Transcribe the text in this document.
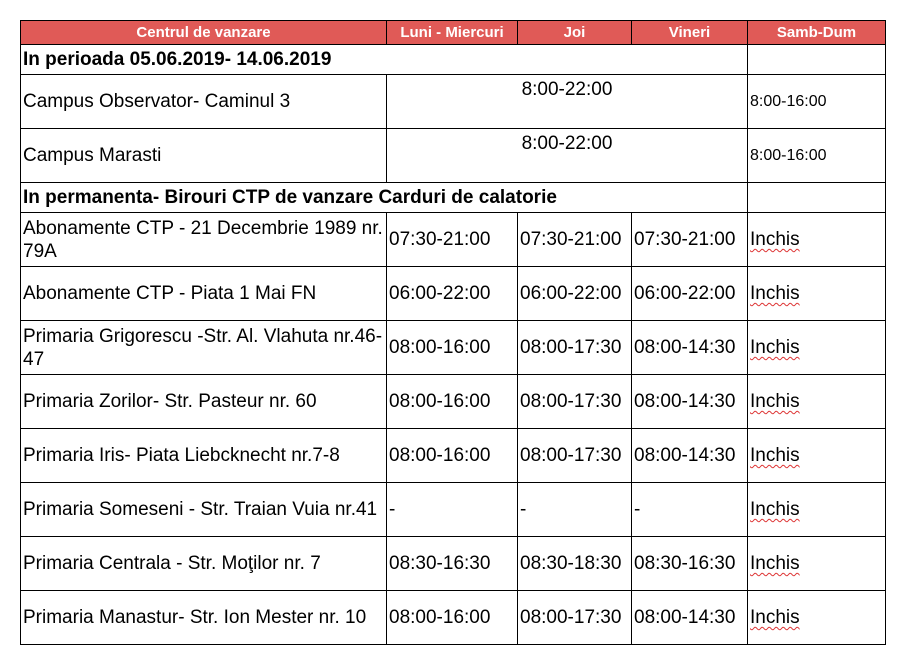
Centrul de vanzare	Luni - Miercuri	Joi	Vineri	Samb-Dum
In perioada 05.06.2019- 14.06.2019				
Campus Observator- Caminul 3	8:00-22:00			8:00-16:00
Campus Marasti	8:00-22:00			8:00-16:00
In permanenta- Birouri CTP de vanzare Carduri de calatorie				
Abonamente CTP - 21 Decembrie 1989 nr. 79A	07:30-21:00	07:30-21:00	07:30-21:00	Inchis
Abonamente CTP - Piata 1 Mai FN	06:00-22:00	06:00-22:00	06:00-22:00	Inchis
Primaria Grigorescu -Str. Al. Vlahuta nr.46-47	08:00-16:00	08:00-17:30	08:00-14:30	Inchis
Primaria Zorilor- Str. Pasteur nr. 60	08:00-16:00	08:00-17:30	08:00-14:30	Inchis
Primaria Iris- Piata Liebcknecht nr.7-8	08:00-16:00	08:00-17:30	08:00-14:30	Inchis
Primaria Someseni - Str. Traian Vuia nr.41	-	-	-	Inchis
Primaria Centrala - Str. Moţilor nr. 7	08:30-16:30	08:30-18:30	08:30-16:30	Inchis
Primaria Manastur- Str. Ion Mester nr. 10	08:00-16:00	08:00-17:30	08:00-14:30	Inchis
